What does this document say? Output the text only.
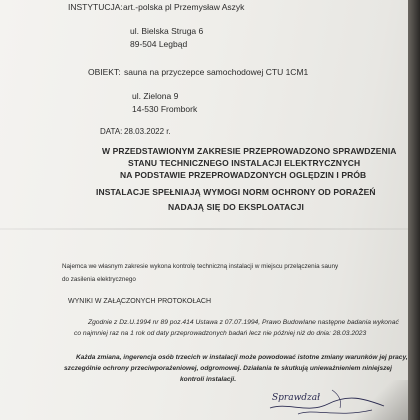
INSTYTUCJA: art.-polska pl Przemysław Aszyk
ul. Bielska Struga 6
89-504 Legbąd
OBIEKT: sauna na przyczepce samochodowej CTU 1CM1
ul. Zielona 9
14-530 Frombork
DATA: 28.03.2022 r.
W PRZEDSTAWIONYM ZAKRESIE PRZEPROWADZONO SPRAWDZENIA
STANU TECHNICZNEGO INSTALACJI ELEKTRYCZNYCH
NA PODSTAWIE PRZEPROWADZONYCH OGLĘDZIN I PRÓB
INSTALACJE SPEŁNIAJĄ WYMOGI NORM OCHRONY OD PORAŻEŃ
NADAJĄ SIĘ DO EKSPLOATACJI
Najemca we własnym zakresie wykona kontrolę techniczną instalacji w miejscu przelączenia sauny
do zasilenia elektrycznego
WYNIKI W ZAŁĄCZONYCH PROTOKOŁACH
Zgodnie z Dz.U.1994 nr 89 poz.414 Ustawa z 07.07.1994, Prawo Budowlane następne badania wykonać
co najmniej raz na 1 rok od daty przeprowadzonych badań lecz nie później niż do dnia: 28.03.2023
Każda zmiana, ingerencja osób trzecich w instalacji może powodować istotne zmiany warunków jej pracy,
szczególnie ochrony przeciwporażeniowej, odgromowej. Działania te skutkują unieważnieniem niniejszej
kontroli instalacji.
Sprawdzał
